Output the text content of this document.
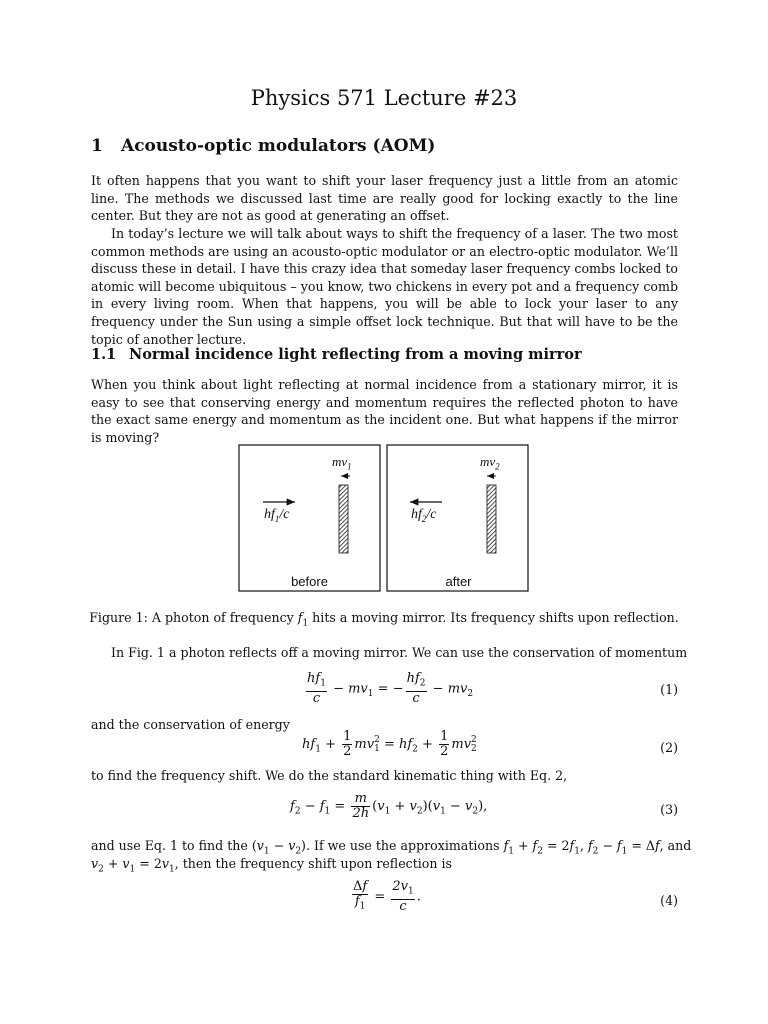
Physics 571 Lecture #23
1 Acousto-optic modulators (AOM)
It often happens that you want to shift your laser frequency just a little from an atomic line. The methods we discussed last time are really good for locking exactly to the line center. But they are not as good at generating an offset.
In today’s lecture we will talk about ways to shift the frequency of a laser. The two most common methods are using an acousto-optic modulator or an electro-optic modulator. We’ll discuss these in detail. I have this crazy idea that someday laser frequency combs locked to atomic will become ubiquitous – you know, two chickens in every pot and a frequency comb in every living room. When that happens, you will be able to lock your laser to any frequency under the Sun using a simple offset lock technique. But that will have to be the topic of another lecture.
1.1 Normal incidence light reflecting from a moving mirror
When you think about light reflecting at normal incidence from a stationary mirror, it is easy to see that conserving energy and momentum requires the reflected photon to have the exact same energy and momentum as the incident one. But what happens if the mirror is moving?
$mv_1$	$mv_2$
$hf_1/c$	$hf_2/c$
before	after
Figure 1: A photon of frequency $f_1$ hits a moving mirror. Its frequency shifts upon reflection.
In Fig. 1 a photon reflects off a moving mirror. We can use the conservation of momentum
$\frac{hf_1}{c} - mv_1$ = − $\frac{hf_2}{c} - mv_2$	(1)
and the conservation of energy
$hf_1 + \frac{1}{2}$ mv 2
$1 = hf_2 + \frac{1}{2}$ mv 2
2	(2)
to find the frequency shift. We do the standard kinematic thing with Eq. 2,
$f_2 - f_1 = \frac{m}{2h} (v_1 + v_2)(v_1 - v_2)$,	(3)
and use Eq. 1 to find the $(v_1 - v_2)$. If we use the approximations $f_1 + f_2 = 2f_1$, $f_2 - f_1 = \Delta f$, and
$v_2 + v_1 = 2v_1$, then the frequency shift upon reflection is
$\frac{\Delta f}{f_1} = \frac{2v_1}{c}$ .	(4)
